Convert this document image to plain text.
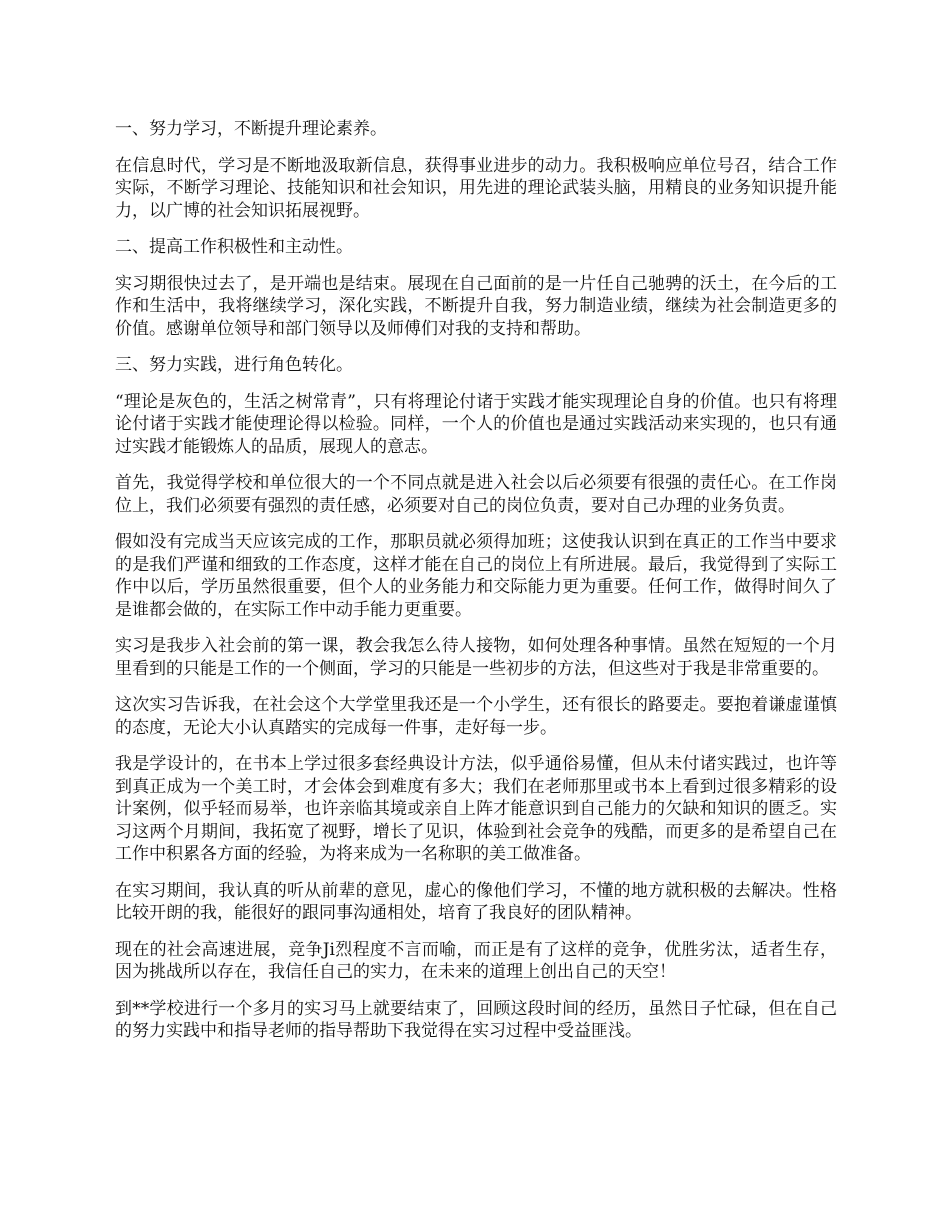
一、努力学习，不断提升理论素养。

在信息时代，学习是不断地汲取新信息，获得事业进步的动力。我积极响应单位号召，结合工作实际，不断学习理论、技能知识和社会知识，用先进的理论武装头脑，用精良的业务知识提升能力，以广博的社会知识拓展视野。

二、提高工作积极性和主动性。

实习期很快过去了，是开端也是结束。展现在自己面前的是一片任自己驰骋的沃土，在今后的工作和生活中，我将继续学习，深化实践，不断提升自我，努力制造业绩，继续为社会制造更多的价值。感谢单位领导和部门领导以及师傅们对我的支持和帮助。

三、努力实践，进行角色转化。

“理论是灰色的，生活之树常青”，只有将理论付诸于实践才能实现理论自身的价值。也只有将理论付诸于实践才能使理论得以检验。同样，一个人的价值也是通过实践活动来实现的，也只有通过实践才能锻炼人的品质，展现人的意志。

首先，我觉得学校和单位很大的一个不同点就是进入社会以后必须要有很强的责任心。在工作岗位上，我们必须要有强烈的责任感，必须要对自己的岗位负责，要对自己办理的业务负责。

假如没有完成当天应该完成的工作，那职员就必须得加班；这使我认识到在真正的工作当中要求的是我们严谨和细致的工作态度，这样才能在自己的岗位上有所进展。最后，我觉得到了实际工作中以后，学历虽然很重要，但个人的业务能力和交际能力更为重要。任何工作，做得时间久了是谁都会做的，在实际工作中动手能力更重要。

实习是我步入社会前的第一课，教会我怎么待人接物，如何处理各种事情。虽然在短短的一个月里看到的只能是工作的一个侧面，学习的只能是一些初步的方法，但这些对于我是非常重要的。

这次实习告诉我，在社会这个大学堂里我还是一个小学生，还有很长的路要走。要抱着谦虚谨慎的态度，无论大小认真踏实的完成每一件事，走好每一步。

我是学设计的，在书本上学过很多套经典设计方法，似乎通俗易懂，但从未付诸实践过，也许等到真正成为一个美工时，才会体会到难度有多大；我们在老师那里或书本上看到过很多精彩的设计案例，似乎轻而易举，也许亲临其境或亲自上阵才能意识到自己能力的欠缺和知识的匮乏。实习这两个月期间，我拓宽了视野，增长了见识，体验到社会竞争的残酷，而更多的是希望自己在工作中积累各方面的经验，为将来成为一名称职的美工做准备。

在实习期间，我认真的听从前辈的意见，虚心的像他们学习，不懂的地方就积极的去解决。性格比较开朗的我，能很好的跟同事沟通相处，培育了我良好的团队精神。

现在的社会高速进展，竞争Ji烈程度不言而喻，而正是有了这样的竞争，优胜劣汰，适者生存，因为挑战所以存在，我信任自己的实力，在未来的道理上创出自己的天空！

到**学校进行一个多月的实习马上就要结束了，回顾这段时间的经历，虽然日子忙碌，但在自己的努力实践中和指导老师的指导帮助下我觉得在实习过程中受益匪浅。
